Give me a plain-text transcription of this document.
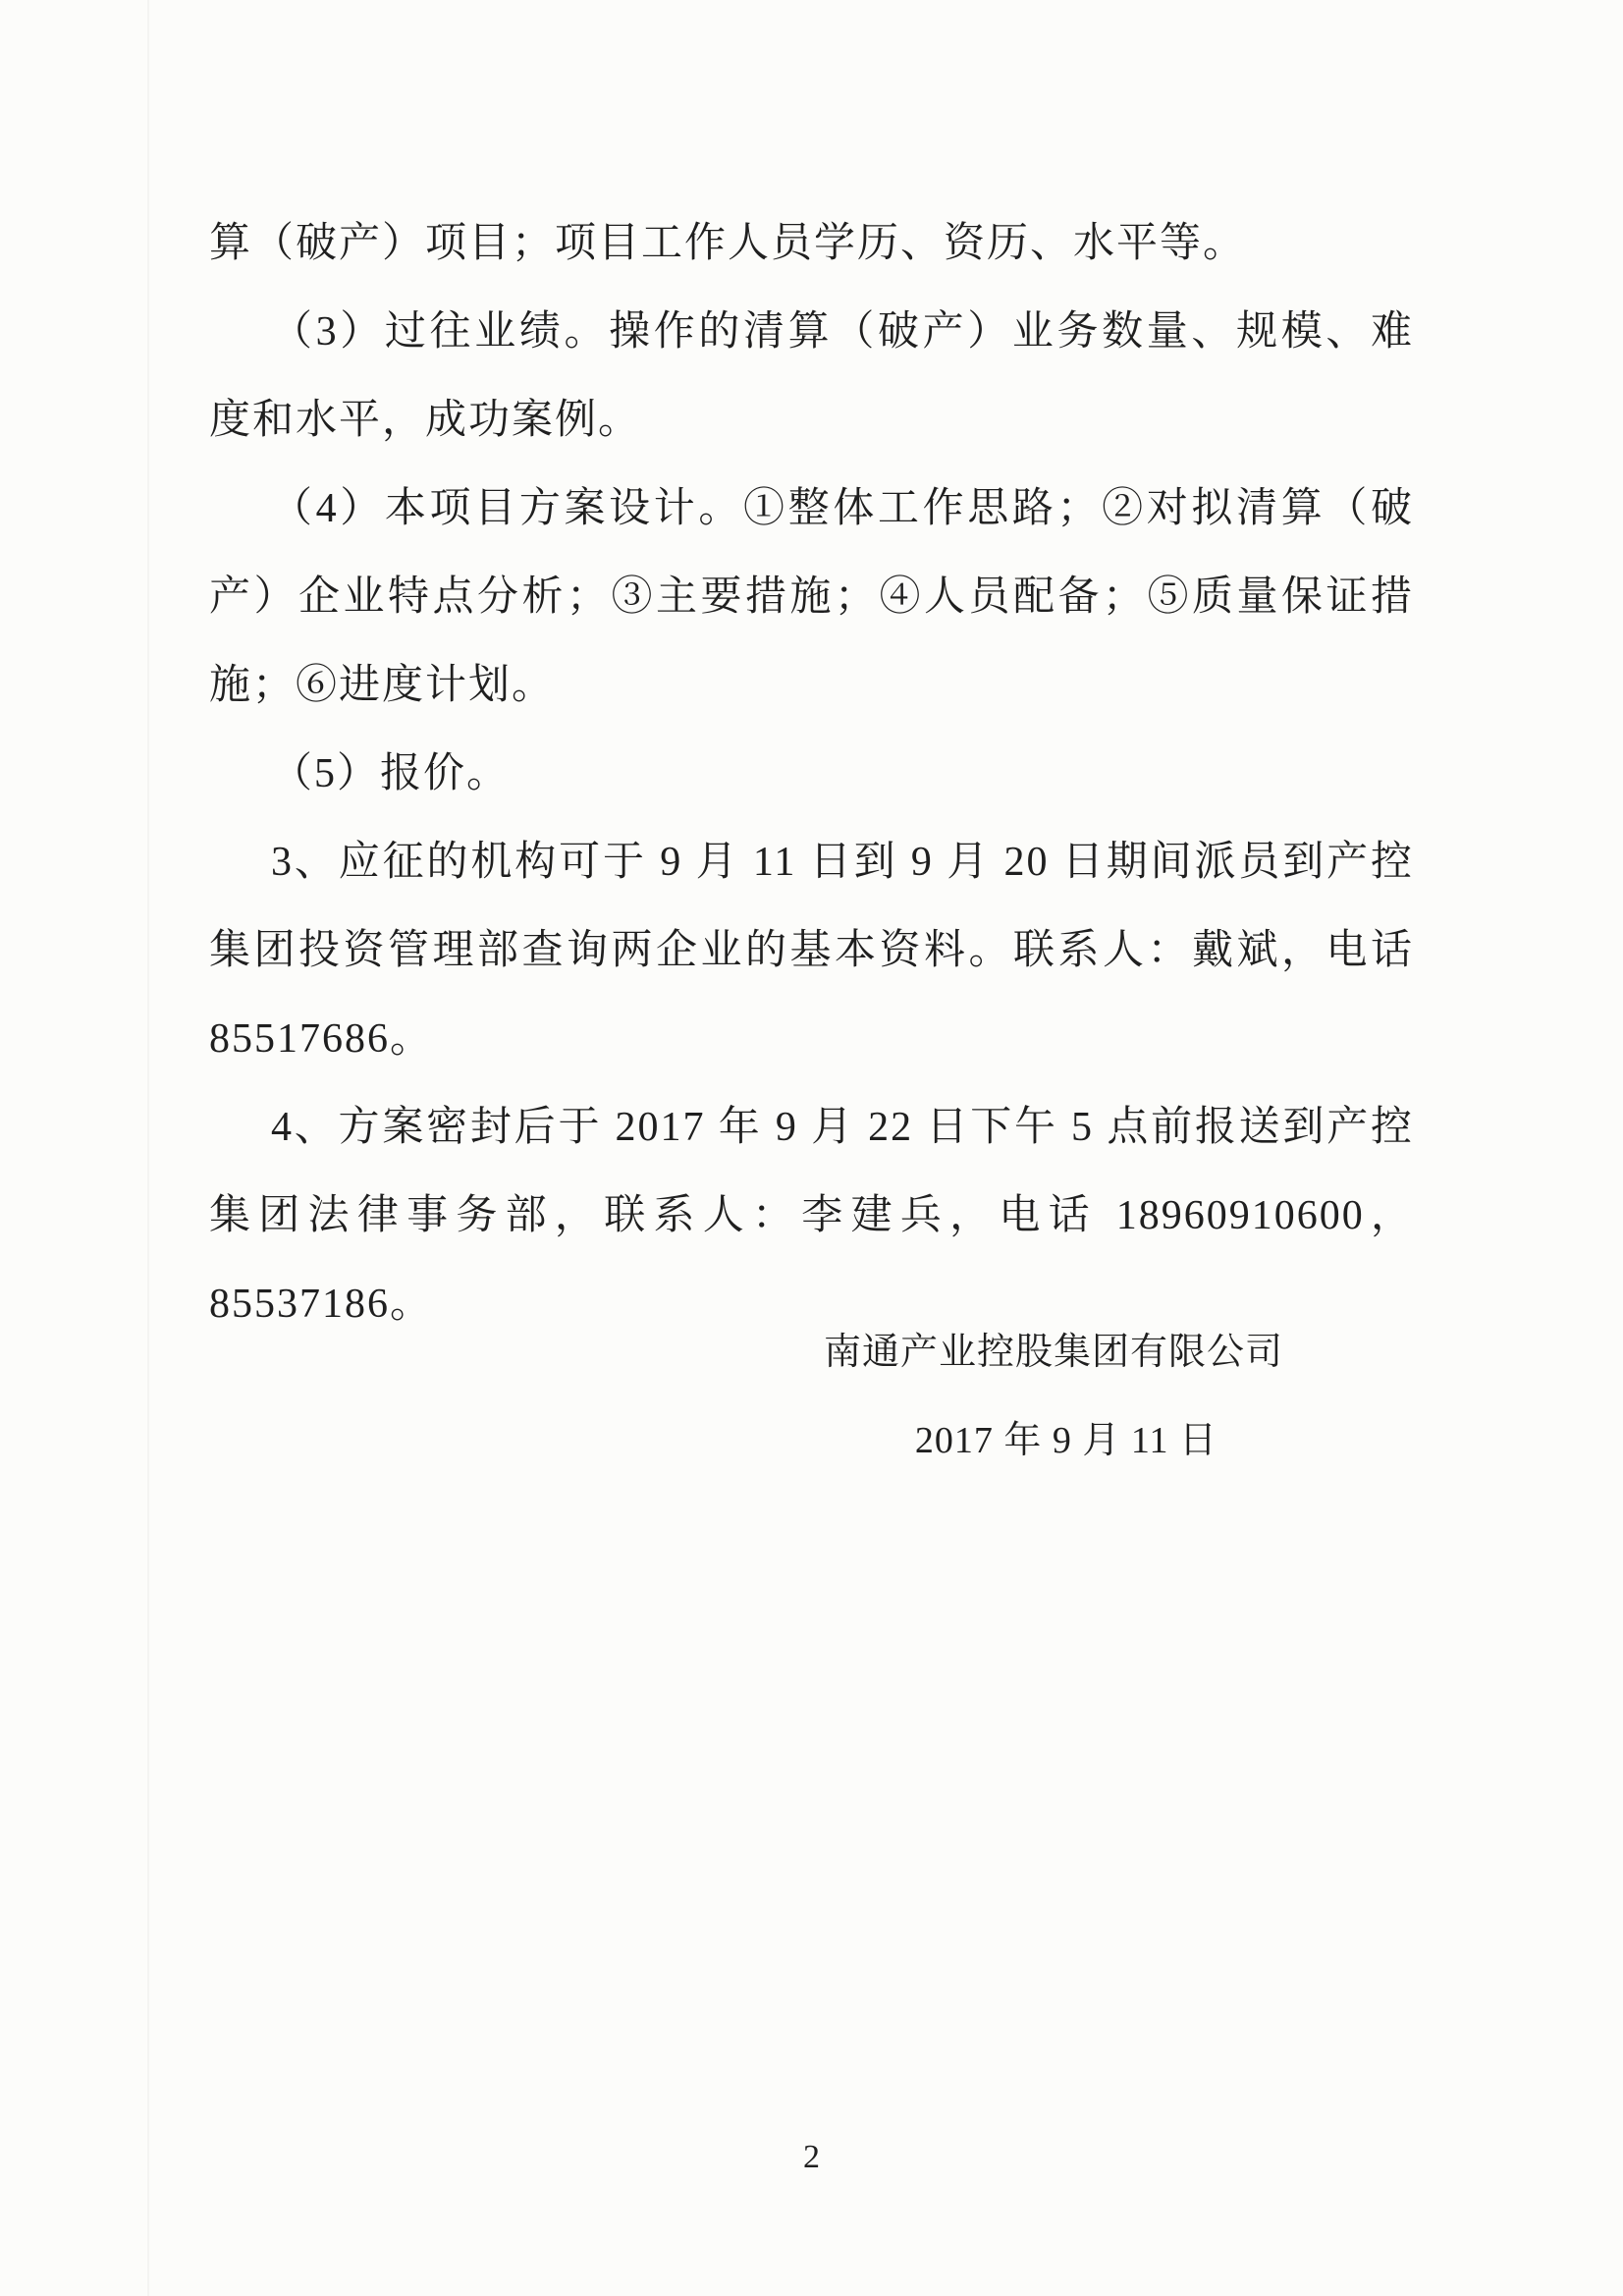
算（破产）项目；项目工作人员学历、资历、水平等。

（3）过往业绩。操作的清算（破产）业务数量、规模、难度和水平，成功案例。

（4）本项目方案设计。①整体工作思路；②对拟清算（破产）企业特点分析；③主要措施；④人员配备；⑤质量保证措施；⑥进度计划。

（5）报价。

3、应征的机构可于 9 月 11 日到 9 月 20 日期间派员到产控集团投资管理部查询两企业的基本资料。联系人：戴斌，电话 85517686。

4、方案密封后于 2017 年 9 月 22 日下午 5 点前报送到产控集团法律事务部，联系人：李建兵，电话 18960910600，85537186。

南通产业控股集团有限公司
2017 年 9 月 11 日
2
